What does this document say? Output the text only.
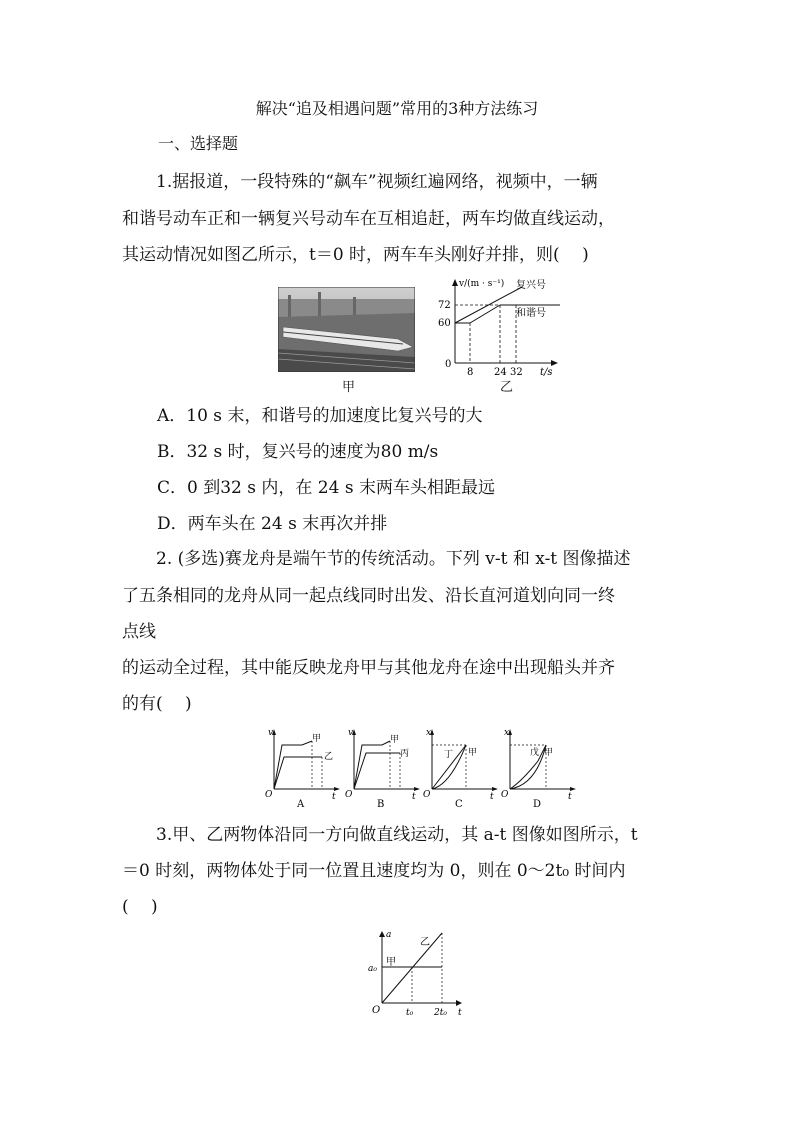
解决“追及相遇问题”常用的3种方法练习
一、选择题
1.据报道，一段特殊的“飙车”视频红遍网络，视频中，一辆
和谐号动车正和一辆复兴号动车在互相追赶，两车均做直线运动，
其运动情况如图乙所示，t＝0 时，两车车头刚好并排，则(　 )
甲
v/(m · s⁻¹) 复兴号
和谐号
72
60
0
8 24 32 t/s
乙
A．10 s 末，和谐号的加速度比复兴号的大
B．32 s 时，复兴号的速度为80 m/s
C．0 到32 s 内，在 24 s 末两车头相距最远
D．两车头在 24 s 末再次并排
2. (多选)赛龙舟是端午节的传统活动。下列 v-t 和 x-t 图像描述
了五条相同的龙舟从同一起点线同时出发、沿长直河道划向同一终
点线
的运动全过程，其中能反映龙舟甲与其他龙舟在途中出现船头并齐
的有(　 )
v
O	t
甲
乙
A
v
O	t
甲
丙
B
x
O	t
丁 甲
C
x
O	t
戊 甲
D
3.甲、乙两物体沿同一方向做直线运动，其 a-t 图像如图所示，t
＝0 时刻，两物体处于同一位置且速度均为 0，则在 0～2t₀ 时间内
(　 )
a
O	t
a₀
t₀ 2t₀
甲
乙
